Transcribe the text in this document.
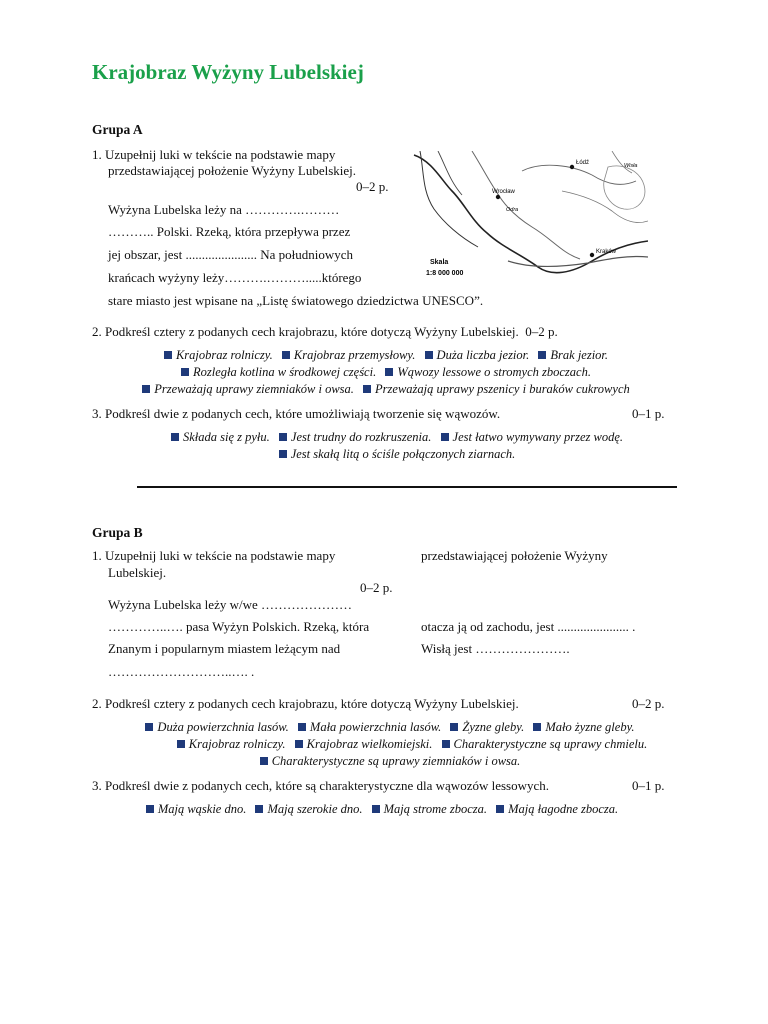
Krajobraz Wyżyny Lubelskiej
Grupa A
1. Uzupełnij luki w tekście na podstawie mapy
przedstawiającej położenie Wyżyny Lubelskiej.
0–2 p.
Wyżyna Lubelska leży na ………….………
……….. Polski. Rzeką, która przepływa przez
jej obszar, jest ...................... Na południowych
krańcach wyżyny leży……….……….....którego
stare miasto jest wpisane na „Listę światowego dziedzictwa UNESCO”.
Łódź
Wrocław
Kraków
Odra
Wisła
Skala
1:8 000 000
2. Podkreśl cztery z podanych cech krajobrazu, które dotyczą Wyżyny Lubelskiej. 0–2 p.
Krajobraz rolniczy. Krajobraz przemysłowy. Duża liczba jezior. Brak jezior.
Rozległa kotlina w środkowej części. Wąwozy lessowe o stromych zboczach.
Przeważają uprawy ziemniaków i owsa. Przeważają uprawy pszenicy i buraków cukrowych
3. Podkreśl dwie z podanych cech, które umożliwiają tworzenie się wąwozów.	0–1 p.
Składa się z pyłu. Jest trudny do rozkruszenia. Jest łatwo wymywany przez wodę.
Jest skałą litą o ściśle połączonych ziarnach.
Grupa B
1. Uzupełnij luki w tekście na podstawie mapy	przedstawiającej położenie Wyżyny
Lubelskiej.
0–2 p.
Wyżyna Lubelska leży w/we …………………
…………..…. pasa Wyżyn Polskich. Rzeką, która	otacza ją od zachodu, jest ...................... .
Znanym i popularnym miastem leżącym nad	Wisłą jest ………………….
………………………..…. .
2. Podkreśl cztery z podanych cech krajobrazu, które dotyczą Wyżyny Lubelskiej.	0–2 p.
Duża powierzchnia lasów. Mała powierzchnia lasów. Żyzne gleby. Mało żyzne gleby.
Krajobraz rolniczy. Krajobraz wielkomiejski. Charakterystyczne są uprawy chmielu.
Charakterystyczne są uprawy ziemniaków i owsa.
3. Podkreśl dwie z podanych cech, które są charakterystyczne dla wąwozów lessowych.	0–1 p.
Mają wąskie dno. Mają szerokie dno. Mają strome zbocza. Mają łagodne zbocza.
